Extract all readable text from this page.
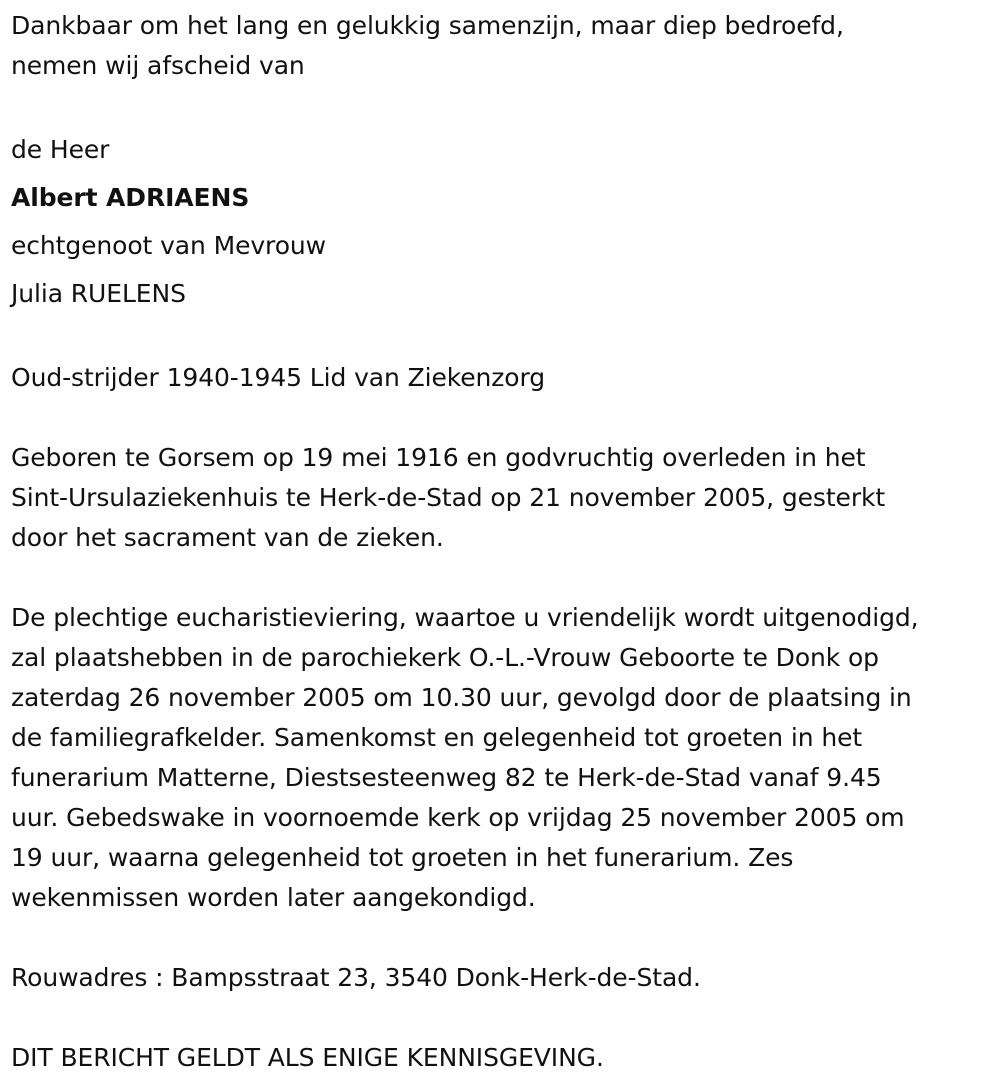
Dankbaar om het lang en gelukkig samenzijn, maar diep bedroefd,
nemen wij afscheid van
de Heer
Albert ADRIAENS
echtgenoot van Mevrouw
Julia RUELENS
Oud-strijder 1940-1945 Lid van Ziekenzorg
Geboren te Gorsem op 19 mei 1916 en godvruchtig overleden in het
Sint-Ursulaziekenhuis te Herk-de-Stad op 21 november 2005, gesterkt
door het sacrament van de zieken.
De plechtige eucharistieviering, waartoe u vriendelijk wordt uitgenodigd,
zal plaatshebben in de parochiekerk O.-L.-Vrouw Geboorte te Donk op
zaterdag 26 november 2005 om 10.30 uur, gevolgd door de plaatsing in
de familiegrafkelder. Samenkomst en gelegenheid tot groeten in het
funerarium Matterne, Diestsesteenweg 82 te Herk-de-Stad vanaf 9.45
uur. Gebedswake in voornoemde kerk op vrijdag 25 november 2005 om
19 uur, waarna gelegenheid tot groeten in het funerarium. Zes
wekenmissen worden later aangekondigd.
Rouwadres : Bampsstraat 23, 3540 Donk-Herk-de-Stad.
DIT BERICHT GELDT ALS ENIGE KENNISGEVING.
